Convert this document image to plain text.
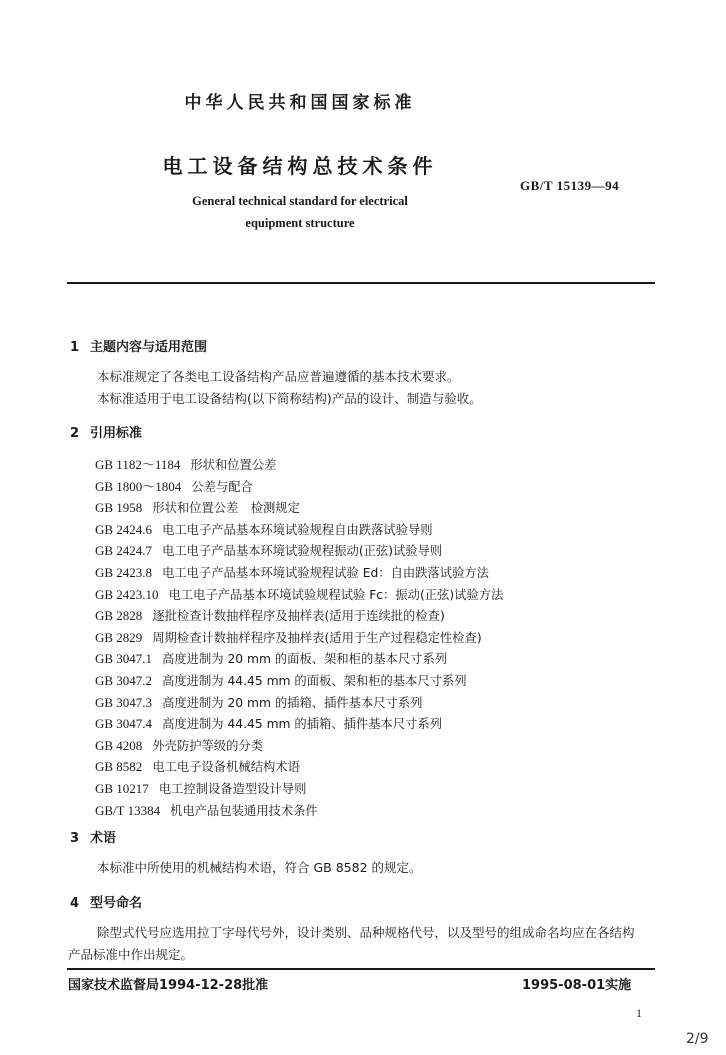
中华人民共和国国家标准
电工设备结构总技术条件
GB/T 15139—94
General technical standard for electrical
equipment structure
1 主题内容与适用范围
本标准规定了各类电工设备结构产品应普遍遵循的基本技术要求。
本标准适用于电工设备结构(以下简称结构)产品的设计、制造与验收。
2 引用标准
GB 1182～1184 形状和位置公差
GB 1800～1804 公差与配合
GB 1958 形状和位置公差　检测规定
GB 2424.6 电工电子产品基本环境试验规程自由跌落试验导则
GB 2424.7 电工电子产品基本环境试验规程振动(正弦)试验导则
GB 2423.8 电工电子产品基本环境试验规程试验 Ed：自由跌落试验方法
GB 2423.10 电工电子产品基本环境试验规程试验 Fc：振动(正弦)试验方法
GB 2828 逐批检查计数抽样程序及抽样表(适用于连续批的检查)
GB 2829 周期检查计数抽样程序及抽样表(适用于生产过程稳定性检查)
GB 3047.1 高度进制为 20 mm 的面板、架和柜的基本尺寸系列
GB 3047.2 高度进制为 44.45 mm 的面板、架和柜的基本尺寸系列
GB 3047.3 高度进制为 20 mm 的插箱、插件基本尺寸系列
GB 3047.4 高度进制为 44.45 mm 的插箱、插件基本尺寸系列
GB 4208 外壳防护等级的分类
GB 8582 电工电子设备机械结构术语
GB 10217 电工控制设备造型设计导则
GB/T 13384 机电产品包装通用技术条件
3 术语
本标准中所使用的机械结构术语，符合 GB 8582 的规定。
4 型号命名
除型式代号应选用拉丁字母代号外，设计类别、品种规格代号，以及型号的组成命名均应在各结构
产品标准中作出规定。
国家技术监督局1994-12-28批准	1995-08-01实施
1
2/9
